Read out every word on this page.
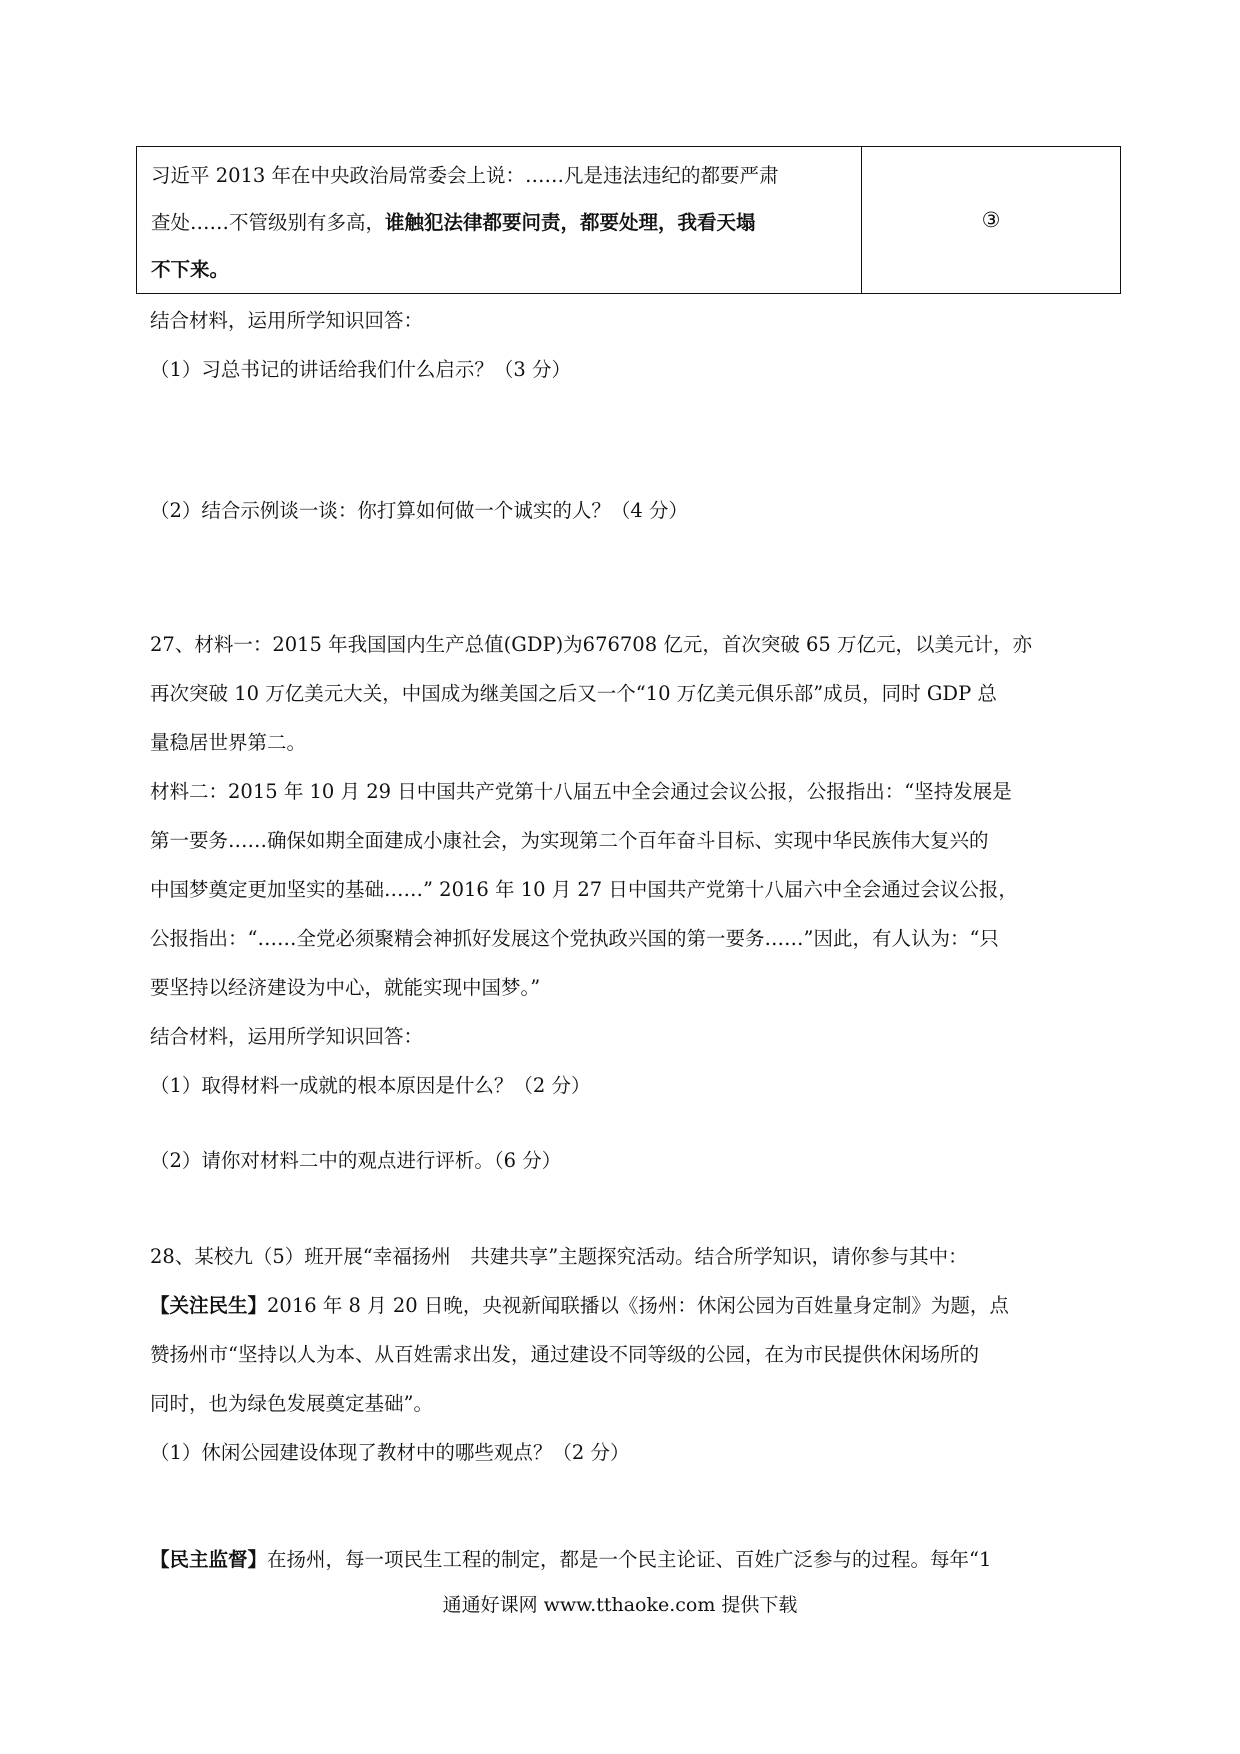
习近平 2013 年在中央政治局常委会上说：……凡是违法违纪的都要严肃
查处……不管级别有多高，谁触犯法律都要问责，都要处理，我看天塌
不下来。	③

结合材料，运用所学知识回答：

（1）习总书记的讲话给我们什么启示？（3 分）

（2）结合示例谈一谈：你打算如何做一个诚实的人？（4 分）

27、材料一：2015 年我国国内生产总值(GDP)为676708 亿元，首次突破 65 万亿元，以美元计，亦

再次突破 10 万亿美元大关，中国成为继美国之后又一个“10 万亿美元俱乐部”成员，同时 GDP 总

量稳居世界第二。

材料二：2015 年 10 月 29 日中国共产党第十八届五中全会通过会议公报，公报指出：“坚持发展是

第一要务……确保如期全面建成小康社会，为实现第二个百年奋斗目标、实现中华民族伟大复兴的

中国梦奠定更加坚实的基础……” 2016 年 10 月 27 日中国共产党第十八届六中全会通过会议公报，

公报指出：“……全党必须聚精会神抓好发展这个党执政兴国的第一要务……”因此，有人认为：“只

要坚持以经济建设为中心，就能实现中国梦。”

结合材料，运用所学知识回答：

（1）取得材料一成就的根本原因是什么？（2 分）

（2）请你对材料二中的观点进行评析。（6 分）

28、某校九（5）班开展“幸福扬州　共建共享”主题探究活动。结合所学知识，请你参与其中：

【关注民生】2016 年 8 月 20 日晚，央视新闻联播以《扬州：休闲公园为百姓量身定制》为题，点

赞扬州市“坚持以人为本、从百姓需求出发，通过建设不同等级的公园，在为市民提供休闲场所的

同时，也为绿色发展奠定基础”。

（1）休闲公园建设体现了教材中的哪些观点？（2 分）

【民主监督】在扬州，每一项民生工程的制定，都是一个民主论证、百姓广泛参与的过程。每年“1

通通好课网 www.tthaoke.com 提供下载
